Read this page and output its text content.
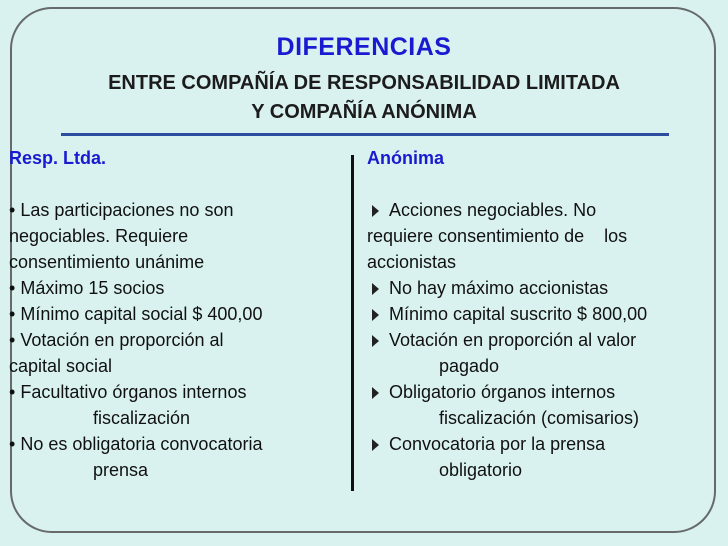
DIFERENCIAS
ENTRE COMPAÑÍA DE RESPONSABILIDAD LIMITADA
Y COMPAÑÍA ANÓNIMA
Resp. Ltda.
• Las participaciones no son
negociables. Requiere
consentimiento unánime
• Máximo 15 socios
• Mínimo capital social $ 400,00
• Votación en proporción al
capital social
• Facultativo órganos internos
fiscalización
• No es obligatoria convocatoria
prensa
Anónima
Acciones negociables. No
requiere consentimiento de    los
accionistas
No hay máximo accionistas
Mínimo capital suscrito $ 800,00
Votación en proporción al valor
pagado
Obligatorio órganos internos
fiscalización (comisarios)
Convocatoria por la prensa
obligatorio
